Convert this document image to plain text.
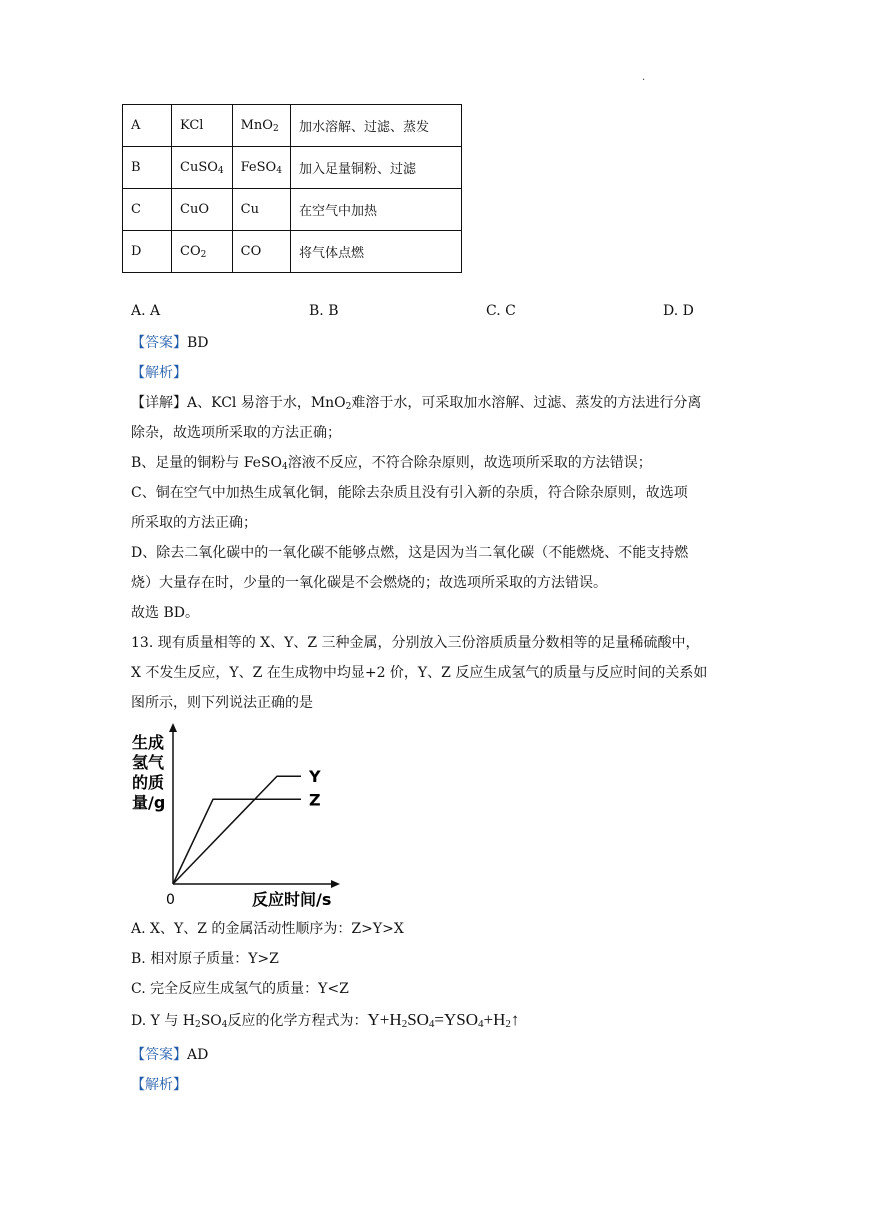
.
A	KCl	MnO$_2$	加水溶解、过滤、蒸发
B	CuSO$_4$	FeSO$_4$	加入足量铜粉、过滤
C	CuO	Cu	在空气中加热
D	$CO_2$	CO	将气体点燃
A. A	B. B	C. C	D. D
【答案】BD
【解析】
【详解】A、KCl 易溶于水，MnO$_2$难溶于水，可采取加水溶解、过滤、蒸发的方法进行分离
除杂，故选项所采取的方法正确；
B、足量的铜粉与 FeSO$_4$溶液不反应，不符合除杂原则，故选项所采取的方法错误；
C、铜在空气中加热生成氧化铜，能除去杂质且没有引入新的杂质，符合除杂原则，故选项
所采取的方法正确；
D、除去二氧化碳中的一氧化碳不能够点燃，这是因为当二氧化碳（不能燃烧、不能支持燃
烧）大量存在时，少量的一氧化碳是不会燃烧的；故选项所采取的方法错误。
故选 BD。
13. 现有质量相等的 X、Y、Z 三种金属，分别放入三份溶质质量分数相等的足量稀硫酸中，
X 不发生反应，Y、Z 在生成物中均显+2 价，Y、Z 反应生成氢气的质量与反应时间的关系如
图所示，则下列说法正确的是
生成
氢气
的质
量/g
0	反应时间/s
Y
Z
A. X、Y、Z 的金属活动性顺序为：Z>Y>X
B. 相对原子质量：Y>Z
C. 完全反应生成氢气的质量：Y<Z
D. Y 与 $H_2SO_4$反应的化学方程式为：$Y+H_2SO_4=YSO_4+H_2↑$
【答案】AD
【解析】
